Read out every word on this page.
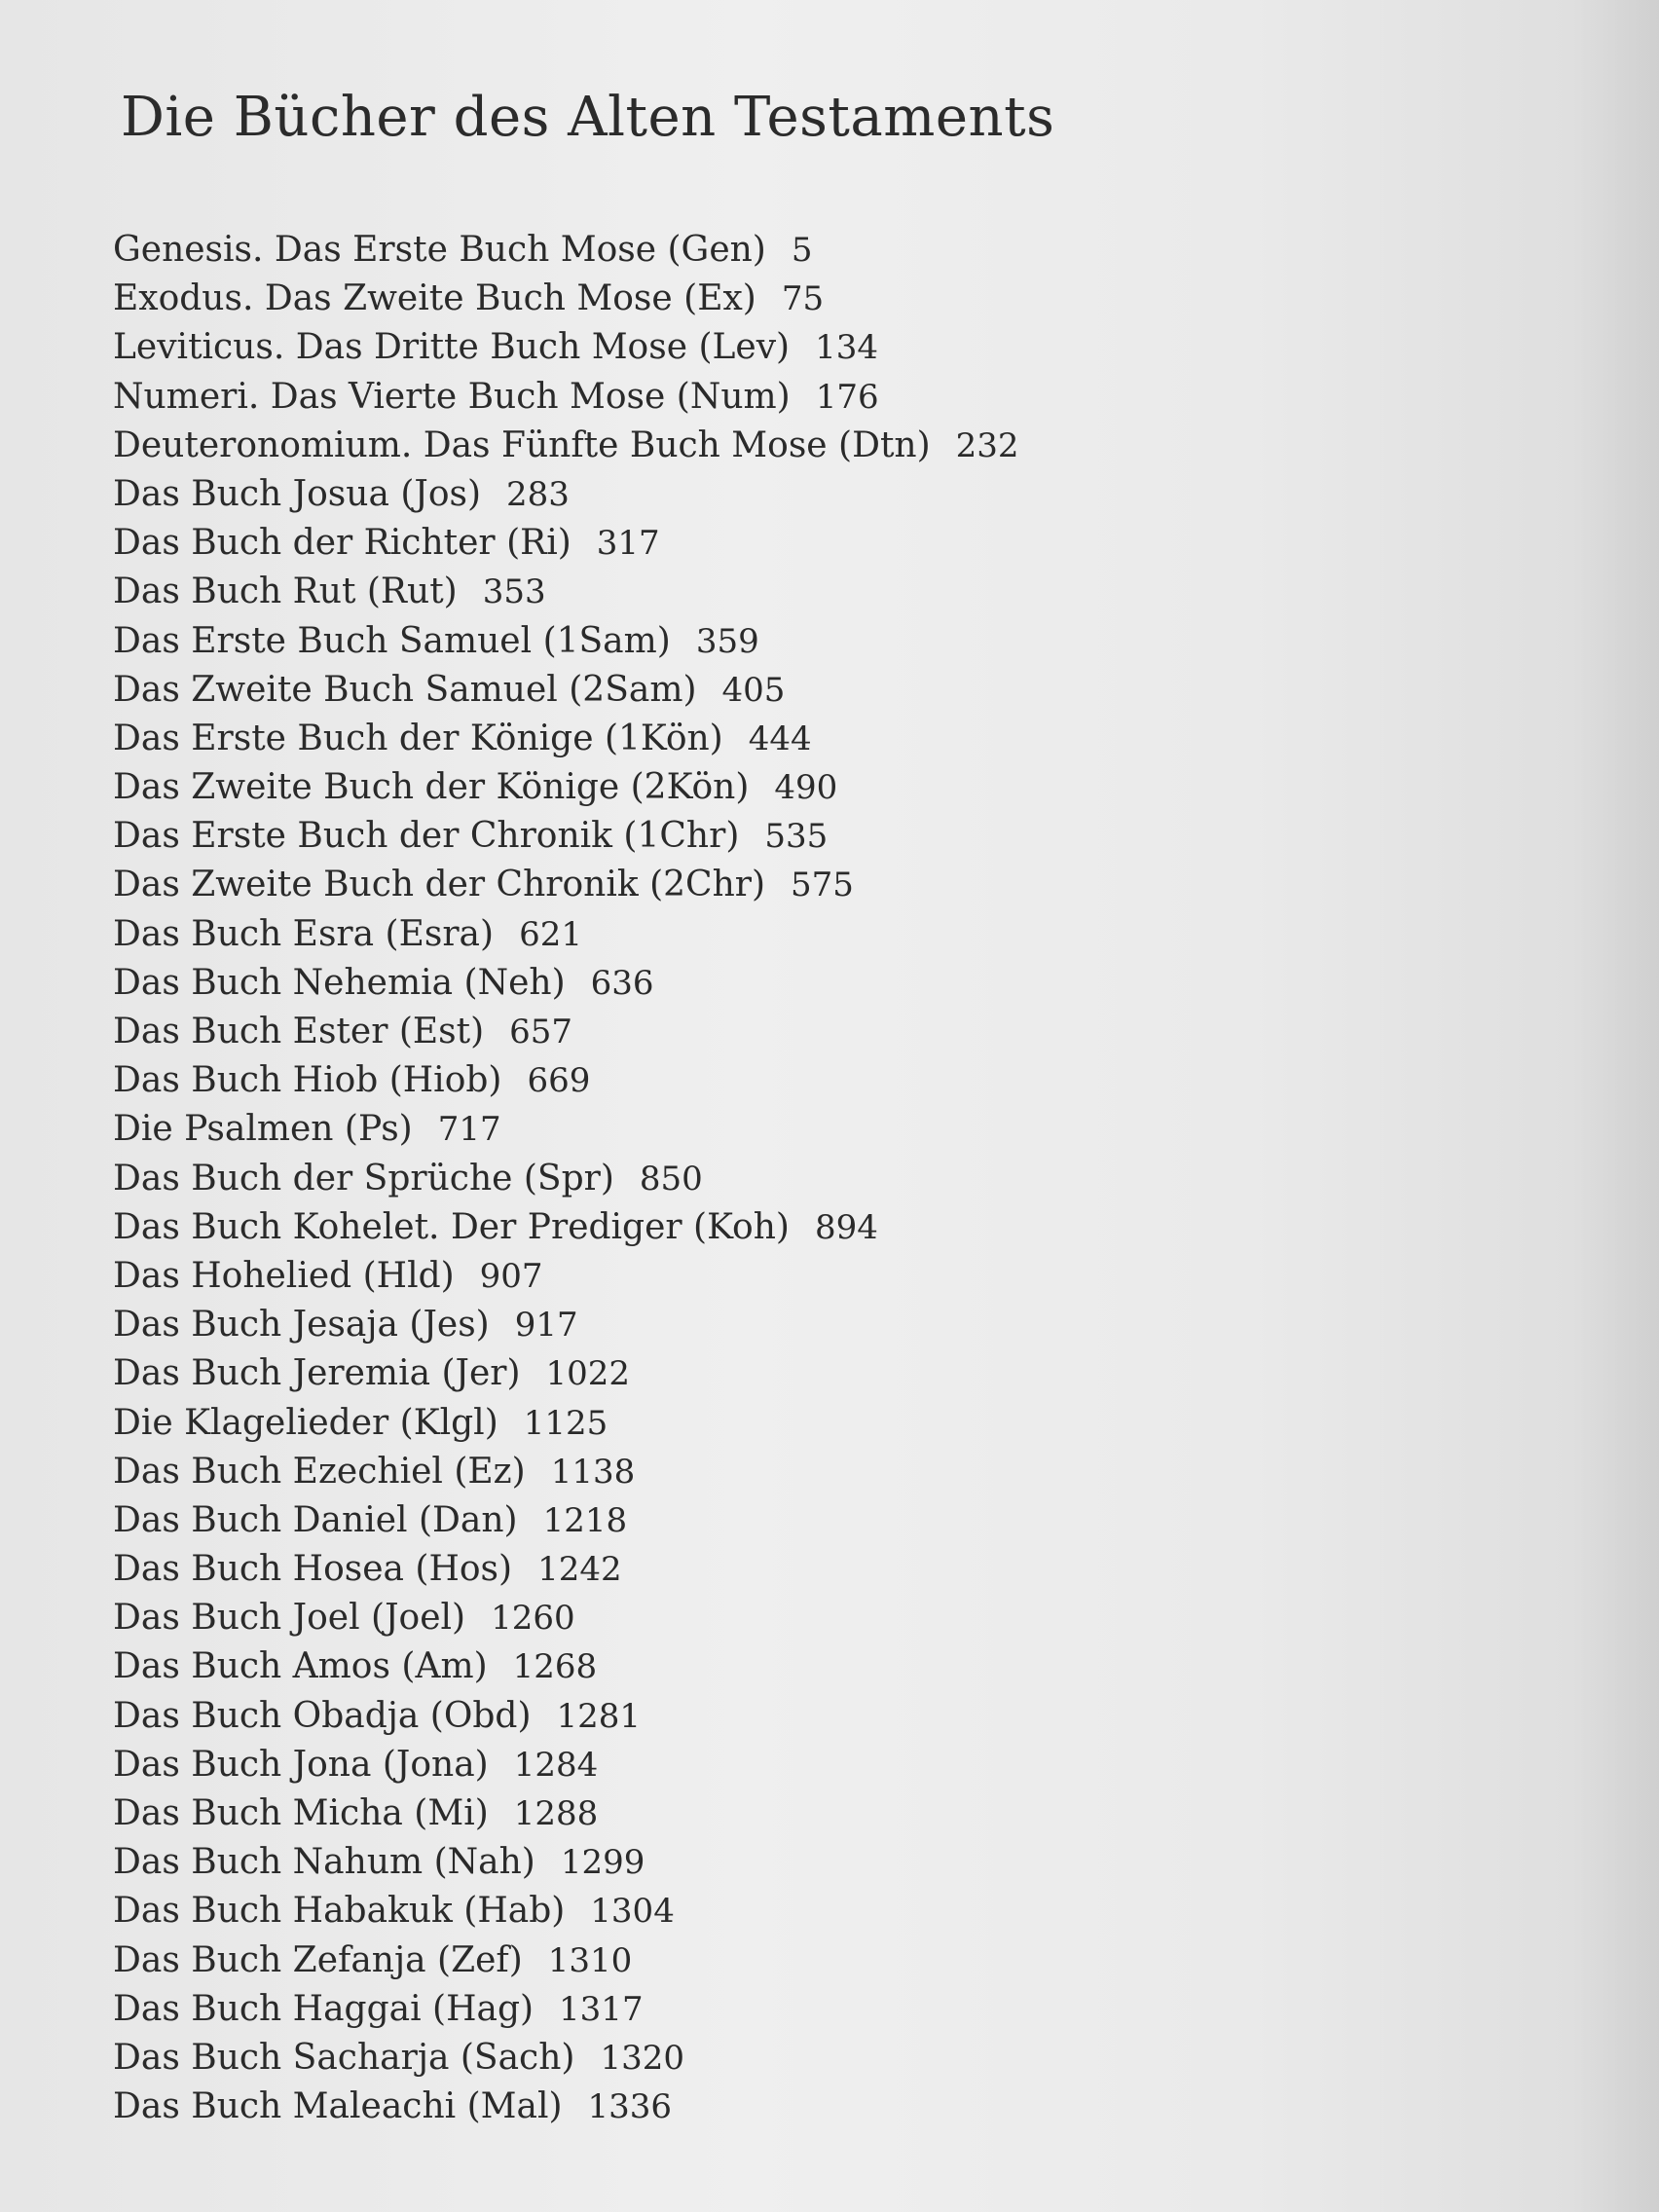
Die Bücher des Alten Testaments
Genesis. Das Erste Buch Mose (Gen) 5
Exodus. Das Zweite Buch Mose (Ex) 75
Leviticus. Das Dritte Buch Mose (Lev) 134
Numeri. Das Vierte Buch Mose (Num) 176
Deuteronomium. Das Fünfte Buch Mose (Dtn) 232
Das Buch Josua (Jos) 283
Das Buch der Richter (Ri) 317
Das Buch Rut (Rut) 353
Das Erste Buch Samuel (1Sam) 359
Das Zweite Buch Samuel (2Sam) 405
Das Erste Buch der Könige (1Kön) 444
Das Zweite Buch der Könige (2Kön) 490
Das Erste Buch der Chronik (1Chr) 535
Das Zweite Buch der Chronik (2Chr) 575
Das Buch Esra (Esra) 621
Das Buch Nehemia (Neh) 636
Das Buch Ester (Est) 657
Das Buch Hiob (Hiob) 669
Die Psalmen (Ps) 717
Das Buch der Sprüche (Spr) 850
Das Buch Kohelet. Der Prediger (Koh) 894
Das Hohelied (Hld) 907
Das Buch Jesaja (Jes) 917
Das Buch Jeremia (Jer) 1022
Die Klagelieder (Klgl) 1125
Das Buch Ezechiel (Ez) 1138
Das Buch Daniel (Dan) 1218
Das Buch Hosea (Hos) 1242
Das Buch Joel (Joel) 1260
Das Buch Amos (Am) 1268
Das Buch Obadja (Obd) 1281
Das Buch Jona (Jona) 1284
Das Buch Micha (Mi) 1288
Das Buch Nahum (Nah) 1299
Das Buch Habakuk (Hab) 1304
Das Buch Zefanja (Zef) 1310
Das Buch Haggai (Hag) 1317
Das Buch Sacharja (Sach) 1320
Das Buch Maleachi (Mal) 1336
